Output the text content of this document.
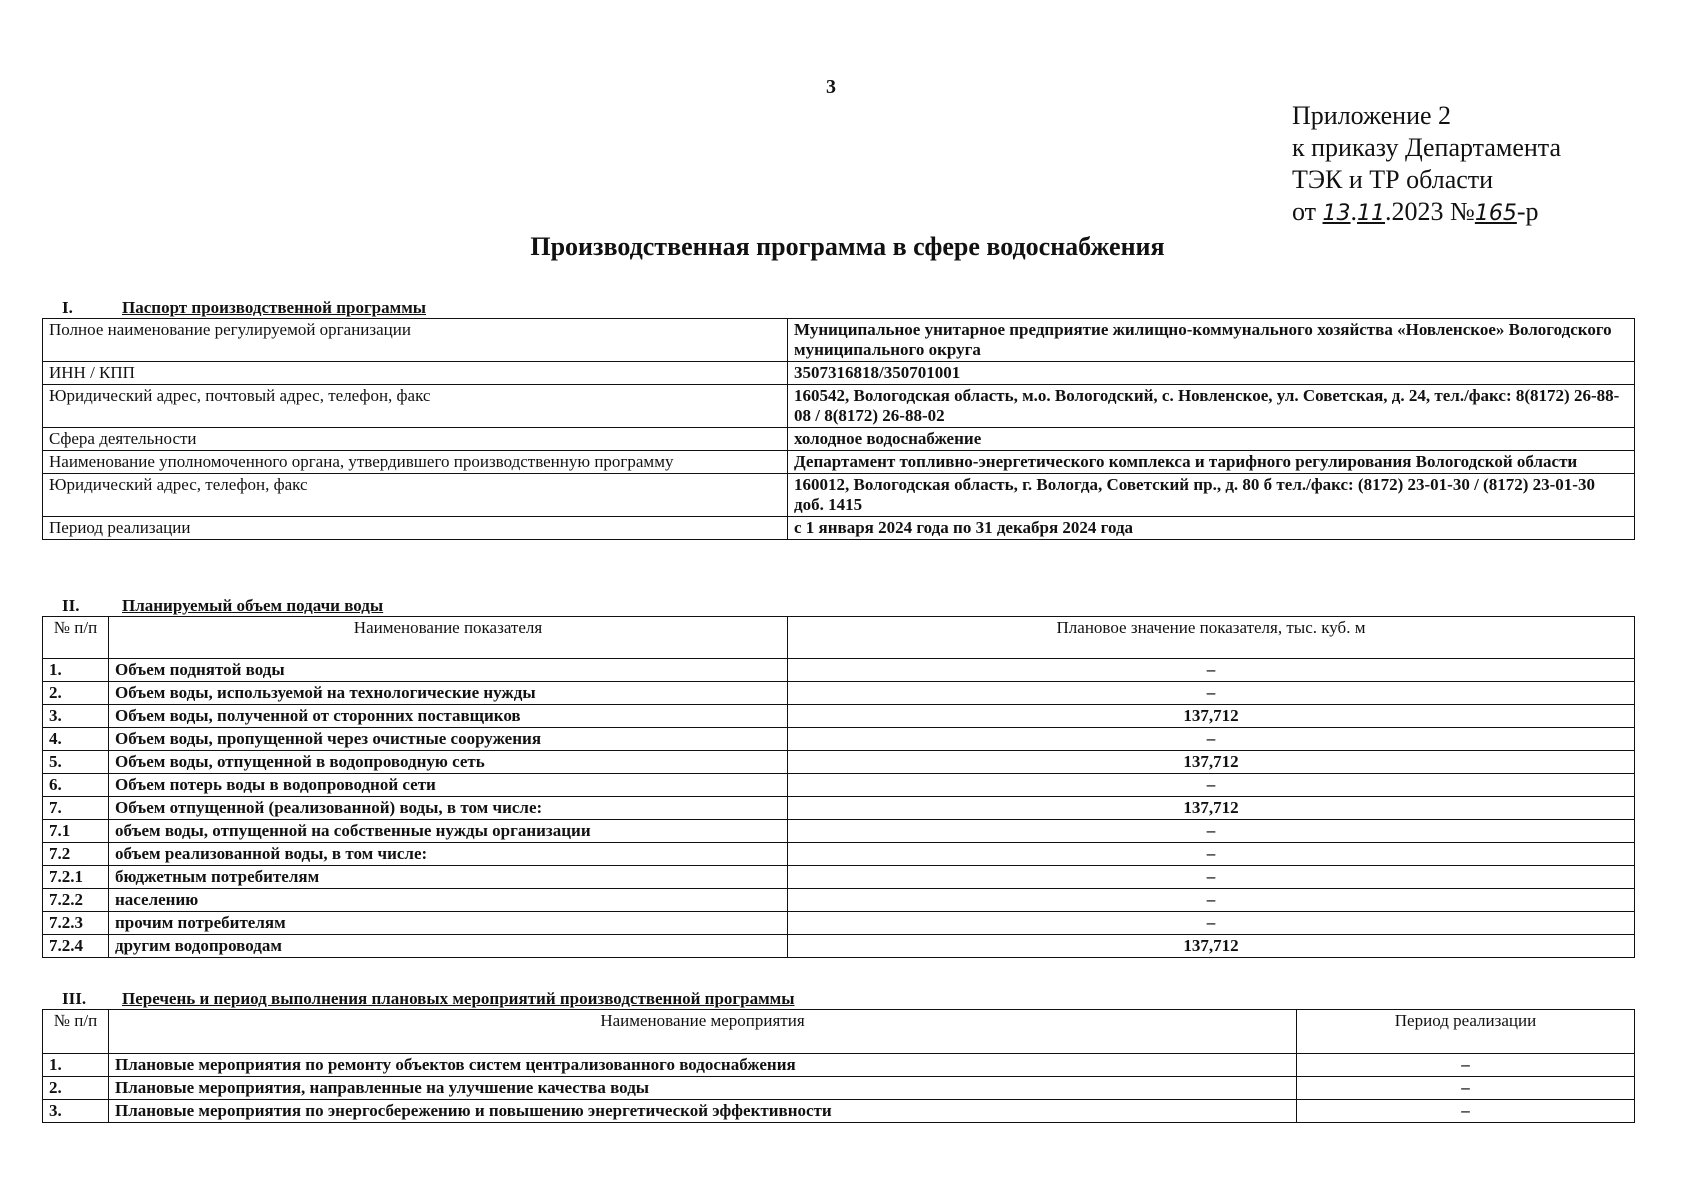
3
Приложение 2
к приказу Департамента
ТЭК и ТР области
от 13.11.2023 №165-р
Производственная программа в сфере водоснабжения
I.	Паспорт производственной программы
Полное наименование регулируемой организации	Муниципальное унитарное предприятие жилищно-коммунального хозяйства «Новленское» Вологодского муниципального округа
ИНН / КПП	3507316818/350701001
Юридический адрес, почтовый адрес, телефон, факс	160542, Вологодская область, м.о. Вологодский, с. Новленское, ул. Советская, д. 24, тел./факс: 8(8172) 26-88-08 / 8(8172) 26-88-02
Сфера деятельности	холодное водоснабжение
Наименование уполномоченного органа, утвердившего производственную программу	Департамент топливно-энергетического комплекса и тарифного регулирования Вологодской области
Юридический адрес, телефон, факс	160012, Вологодская область, г. Вологда, Советский пр., д. 80 б тел./факс: (8172) 23-01-30 / (8172) 23-01-30 доб. 1415
Период реализации	с 1 января 2024 года по 31 декабря 2024 года
II.	Планируемый объем подачи воды
№ п/п	Наименование показателя	Плановое значение показателя, тыс. куб. м
1.	Объем поднятой воды	–
2.	Объем воды, используемой на технологические нужды	–
3.	Объем воды, полученной от сторонних поставщиков	137,712
4.	Объем воды, пропущенной через очистные сооружения	–
5.	Объем воды, отпущенной в водопроводную сеть	137,712
6.	Объем потерь воды в водопроводной сети	–
7.	Объем отпущенной (реализованной) воды, в том числе:	137,712
7.1	объем воды, отпущенной на собственные нужды организации	–
7.2	объем реализованной воды, в том числе:	–
7.2.1	бюджетным потребителям	–
7.2.2	населению	–
7.2.3	прочим потребителям	–
7.2.4	другим водопроводам	137,712
III. Перечень и период выполнения плановых мероприятий производственной программы
№ п/п	Наименование мероприятия	Период реализации
1.	Плановые мероприятия по ремонту объектов систем централизованного водоснабжения	–
2.	Плановые мероприятия, направленные на улучшение качества воды	–
3.	Плановые мероприятия по энергосбережению и повышению энергетической эффективности	–
